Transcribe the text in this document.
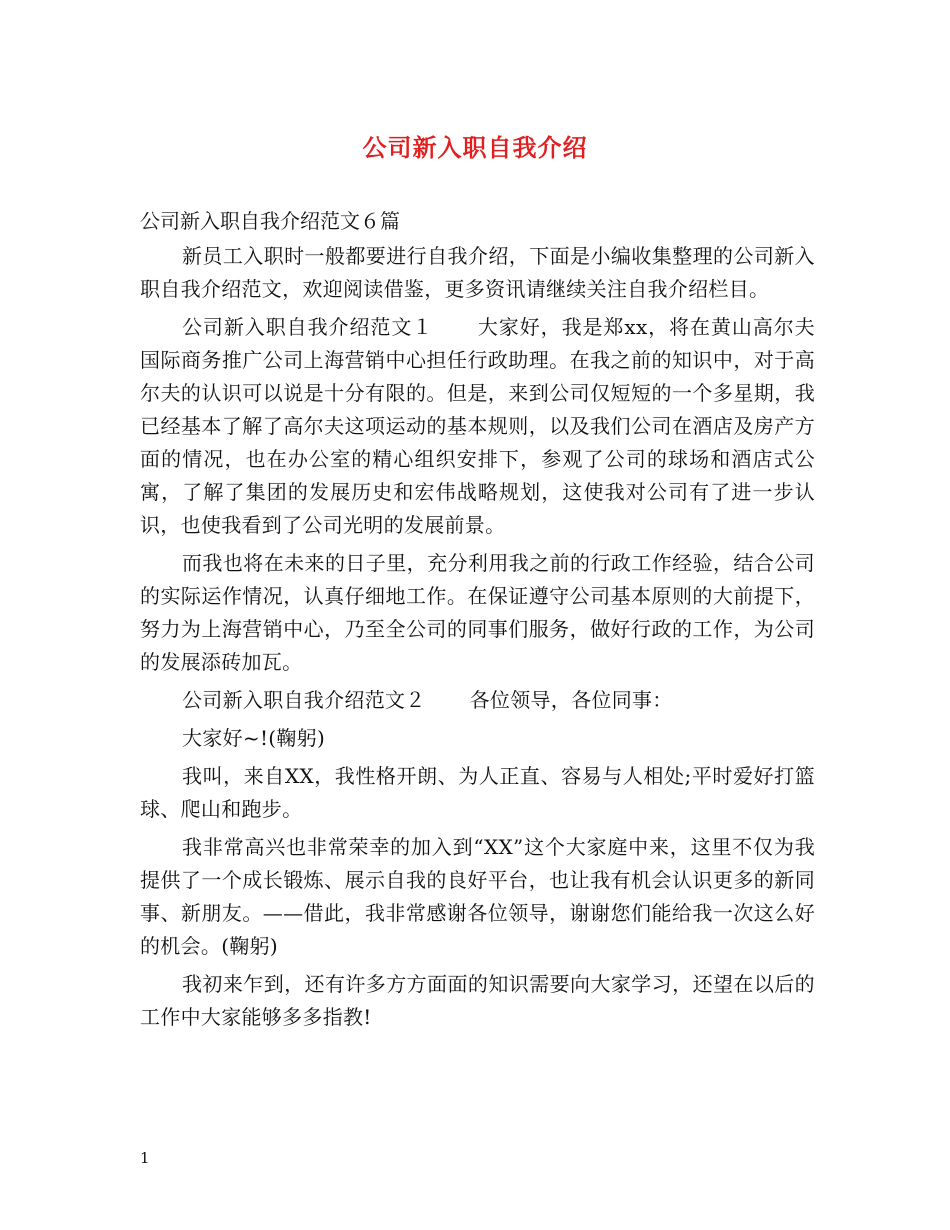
公司新入职自我介绍
公司新入职自我介绍范文６篇

新员工入职时一般都要进行自我介绍，下面是小编收集整理的公司新入职自我介绍范文，欢迎阅读借鉴，更多资讯请继续关注自我介绍栏目。

公司新入职自我介绍范文１ 大家好，我是郑xx，将在黄山高尔夫国际商务推广公司上海营销中心担任行政助理。在我之前的知识中，对于高尔夫的认识可以说是十分有限的。但是，来到公司仅短短的一个多星期，我已经基本了解了高尔夫这项运动的基本规则，以及我们公司在酒店及房产方面的情况，也在办公室的精心组织安排下，参观了公司的球场和酒店式公寓，了解了集团的发展历史和宏伟战略规划，这使我对公司有了进一步认识，也使我看到了公司光明的发展前景。

而我也将在未来的日子里，充分利用我之前的行政工作经验，结合公司的实际运作情况，认真仔细地工作。在保证遵守公司基本原则的大前提下，努力为上海营销中心，乃至全公司的同事们服务，做好行政的工作，为公司的发展添砖加瓦。

公司新入职自我介绍范文２ 各位领导，各位同事：

大家好~!(鞠躬)

我叫，来自XX，我性格开朗、为人正直、容易与人相处;平时爱好打篮球、爬山和跑步。

我非常高兴也非常荣幸的加入到“XX”这个大家庭中来，这里不仅为我提供了一个成长锻炼、展示自我的良好平台，也让我有机会认识更多的新同事、新朋友。——借此，我非常感谢各位领导，谢谢您们能给我一次这么好的机会。(鞠躬)

我初来乍到，还有许多方方面面的知识需要向大家学习，还望在以后的工作中大家能够多多指教!

1
